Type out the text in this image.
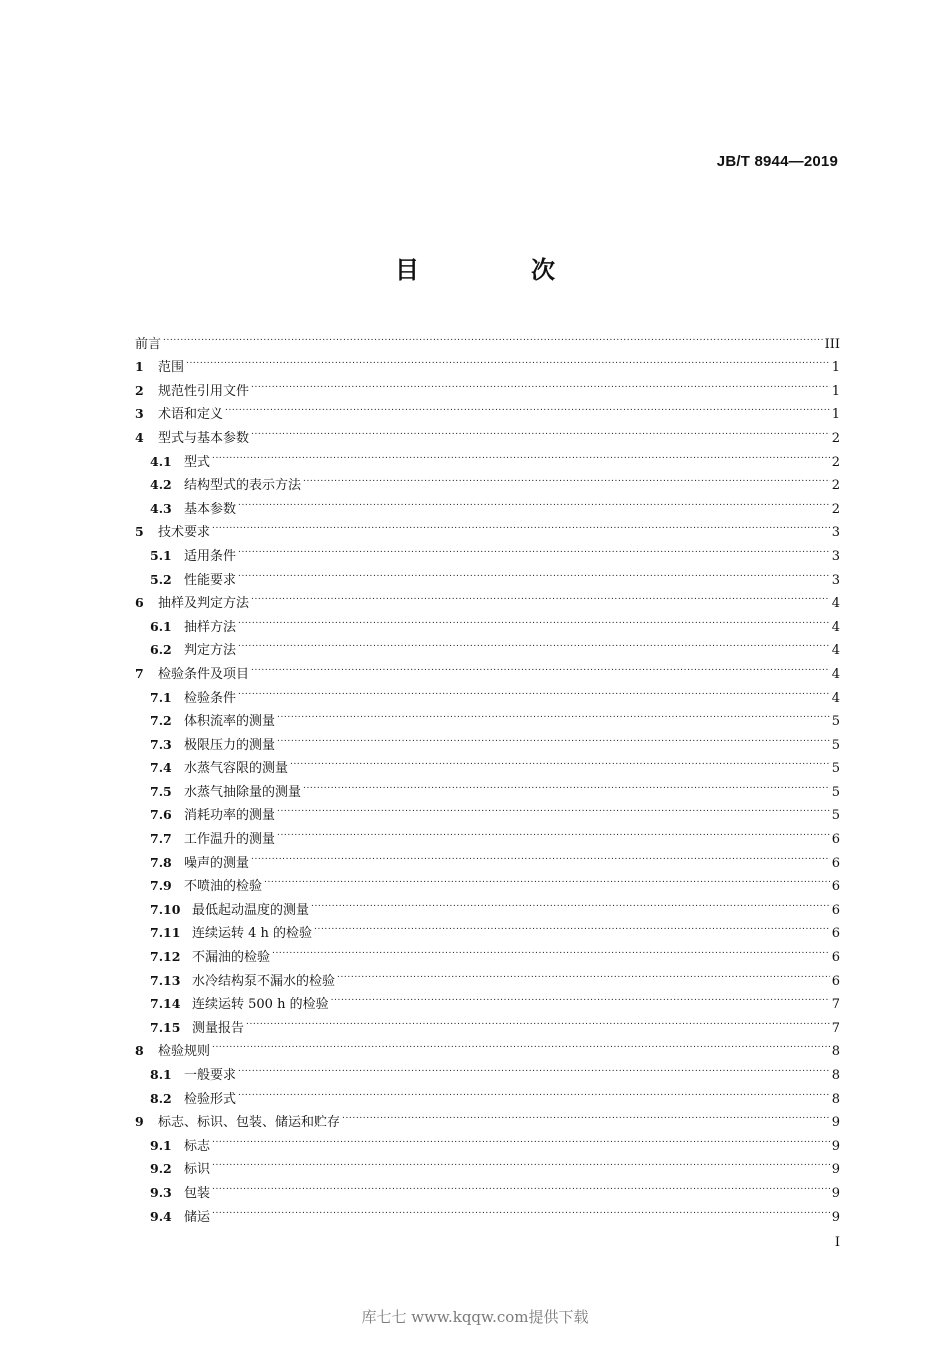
JB/T 8944—2019
目　次
前言 .....	III
1	范围 .....	1
2	规范性引用文件 .....	1
3	术语和定义 .....	1
4	型式与基本参数 .....	2
4.1 型式 .....	2
4.2 结构型式的表示方法 .....	2
4.3 基本参数 .....	2
5	技术要求 .....	3
5.1 适用条件 .....	3
5.2 性能要求 .....	3
6	抽样及判定方法 .....	4
6.1 抽样方法 .....	4
6.2 判定方法 .....	4
7	检验条件及项目 .....	4
7.1 检验条件 .....	4
7.2 体积流率的测量 .....	5
7.3 极限压力的测量 .....	5
7.4 水蒸气容限的测量 .....	5
7.5 水蒸气抽除量的测量 .....	5
7.6 消耗功率的测量 .....	5
7.7 工作温升的测量 .....	6
7.8 噪声的测量 .....	6
7.9 不喷油的检验 .....	6
7.10 最低起动温度的测量 .....	6
7.11 连续运转 4 h 的检验 .....	6
7.12 不漏油的检验 .....	6
7.13 水冷结构泵不漏水的检验 .....	6
7.14 连续运转 500 h 的检验 .....	7
7.15 测量报告 .....	7
8	检验规则 .....	8
8.1 一般要求 .....	8
8.2 检验形式 .....	8
9	标志、标识、包装、储运和贮存 .....	9
9.1 标志 .....	9
9.2 标识 .....	9
9.3 包装 .....	9
9.4 储运 .....	9
I
库七七 www.kqqw.com提供下载
